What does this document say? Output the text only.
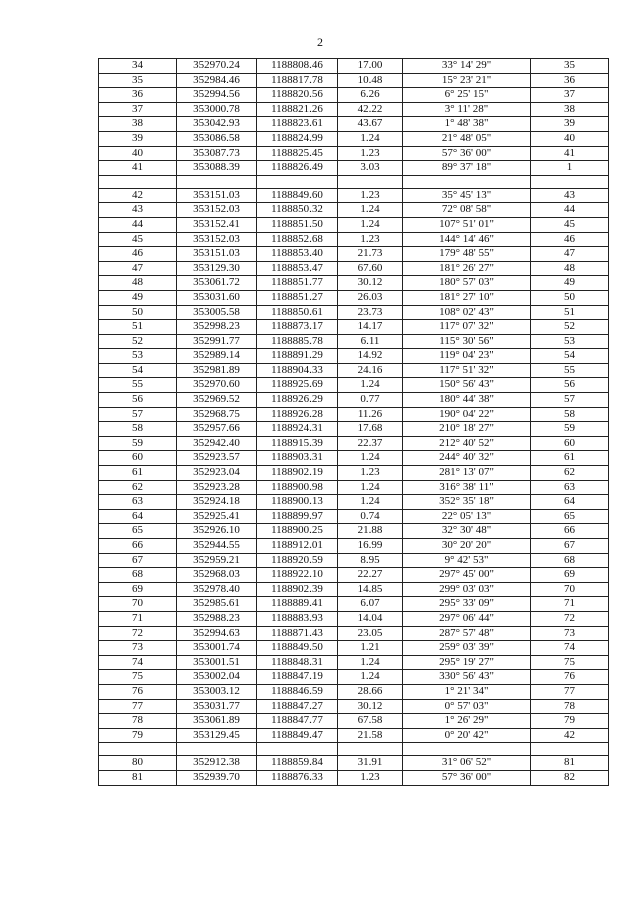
2
34	352970.24	1188808.46	17.00	33° 14' 29"	35
35	352984.46	1188817.78	10.48	15° 23' 21"	36
36	352994.56	1188820.56	6.26	6° 25' 15"	37
37	353000.78	1188821.26	42.22	3° 11' 28"	38
38	353042.93	1188823.61	43.67	1° 48' 38"	39
39	353086.58	1188824.99	1.24	21° 48' 05"	40
40	353087.73	1188825.45	1.23	57° 36' 00"	41
41	353088.39	1188826.49	3.03	89° 37' 18"	1

42	353151.03	1188849.60	1.23	35° 45' 13"	43
43	353152.03	1188850.32	1.24	72° 08' 58"	44
44	353152.41	1188851.50	1.24	107° 51' 01"	45
45	353152.03	1188852.68	1.23	144° 14' 46"	46
46	353151.03	1188853.40	21.73	179° 48' 55"	47
47	353129.30	1188853.47	67.60	181° 26' 27"	48
48	353061.72	1188851.77	30.12	180° 57' 03"	49
49	353031.60	1188851.27	26.03	181° 27' 10"	50
50	353005.58	1188850.61	23.73	108° 02' 43"	51
51	352998.23	1188873.17	14.17	117° 07' 32"	52
52	352991.77	1188885.78	6.11	115° 30' 56"	53
53	352989.14	1188891.29	14.92	119° 04' 23"	54
54	352981.89	1188904.33	24.16	117° 51' 32"	55
55	352970.60	1188925.69	1.24	150° 56' 43"	56
56	352969.52	1188926.29	0.77	180° 44' 38"	57
57	352968.75	1188926.28	11.26	190° 04' 22"	58
58	352957.66	1188924.31	17.68	210° 18' 27"	59
59	352942.40	1188915.39	22.37	212° 40' 52"	60
60	352923.57	1188903.31	1.24	244° 40' 32"	61
61	352923.04	1188902.19	1.23	281° 13' 07"	62
62	352923.28	1188900.98	1.24	316° 38' 11"	63
63	352924.18	1188900.13	1.24	352° 35' 18"	64
64	352925.41	1188899.97	0.74	22° 05' 13"	65
65	352926.10	1188900.25	21.88	32° 30' 48"	66
66	352944.55	1188912.01	16.99	30° 20' 20"	67
67	352959.21	1188920.59	8.95	9° 42' 53"	68
68	352968.03	1188922.10	22.27	297° 45' 00"	69
69	352978.40	1188902.39	14.85	299° 03' 03"	70
70	352985.61	1188889.41	6.07	295° 33' 09"	71
71	352988.23	1188883.93	14.04	297° 06' 44"	72
72	352994.63	1188871.43	23.05	287° 57' 48"	73
73	353001.74	1188849.50	1.21	259° 03' 39"	74
74	353001.51	1188848.31	1.24	295° 19' 27"	75
75	353002.04	1188847.19	1.24	330° 56' 43"	76
76	353003.12	1188846.59	28.66	1° 21' 34"	77
77	353031.77	1188847.27	30.12	0° 57' 03"	78
78	353061.89	1188847.77	67.58	1° 26' 29"	79
79	353129.45	1188849.47	21.58	0° 20' 42"	42

80	352912.38	1188859.84	31.91	31° 06' 52"	81
81	352939.70	1188876.33	1.23	57° 36' 00"	82
